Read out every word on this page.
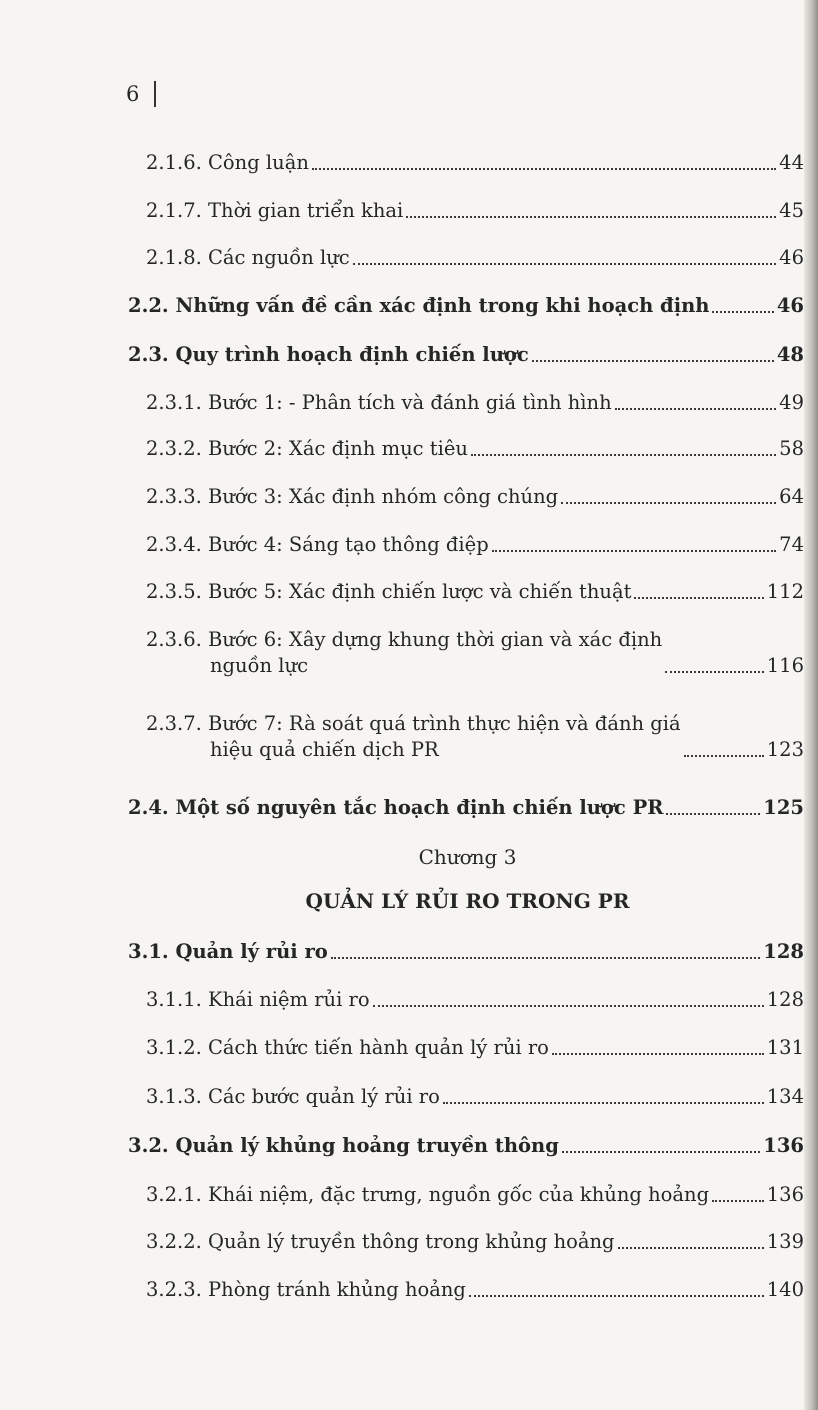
6
2.1.6. Công luận	44
2.1.7. Thời gian triển khai	45
2.1.8. Các nguồn lực	46
2.2. Những vấn đề cần xác định trong khi hoạch định	46
2.3. Quy trình hoạch định chiến lược	48
2.3.1. Bước 1: - Phân tích và đánh giá tình hình	49
2.3.2. Bước 2: Xác định mục tiêu	58
2.3.3. Bước 3: Xác định nhóm công chúng	64
2.3.4. Bước 4: Sáng tạo thông điệp	74
2.3.5. Bước 5: Xác định chiến lược và chiến thuật	112
2.3.6. Bước 6: Xây dựng khung thời gian và xác định
nguồn lực	116
2.3.7. Bước 7: Rà soát quá trình thực hiện và đánh giá
hiệu quả chiến dịch PR	123
2.4. Một số nguyên tắc hoạch định chiến lược PR	125
Chương 3
QUẢN LÝ RỦI RO TRONG PR
3.1. Quản lý rủi ro	128
3.1.1. Khái niệm rủi ro	128
3.1.2. Cách thức tiến hành quản lý rủi ro	131
3.1.3. Các bước quản lý rủi ro	134
3.2. Quản lý khủng hoảng truyền thông	136
3.2.1. Khái niệm, đặc trưng, nguồn gốc của khủng hoảng	136
3.2.2. Quản lý truyền thông trong khủng hoảng	139
3.2.3. Phòng tránh khủng hoảng	140
